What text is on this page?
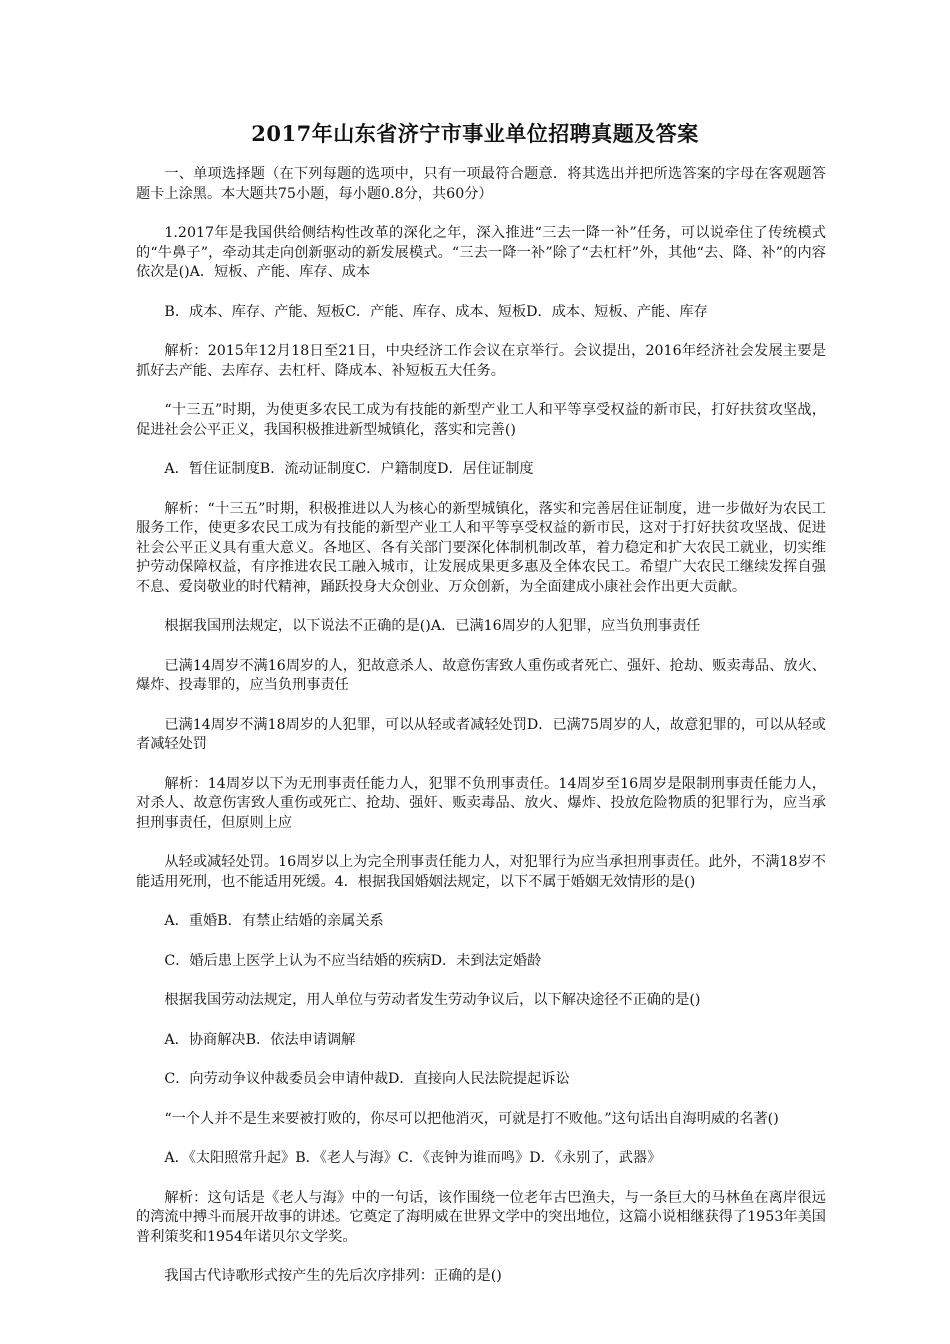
2017年山东省济宁市事业单位招聘真题及答案

一、单项选择题（在下列每题的选项中，只有一项最符合题意．将其选出并把所选答案的字母在客观题答题卡上涂黑。本大题共75小题，每小题0.8分，共60分）

1.2017年是我国供给侧结构性改革的深化之年，深入推进“三去一降一补”任务，可以说牵住了传统模式的“牛鼻子”，牵动其走向创新驱动的新发展模式。“三去一降一补”除了“去杠杆”外，其他“去、降、补”的内容依次是()A．短板、产能、库存、成本

B．成本、库存、产能、短板C．产能、库存、成本、短板D．成本、短板、产能、库存

解析：2015年12月18日至21日，中央经济工作会议在京举行。会议提出，2016年经济社会发展主要是抓好去产能、去库存、去杠杆、降成本、补短板五大任务。

“十三五”时期，为使更多农民工成为有技能的新型产业工人和平等享受权益的新市民，打好扶贫攻坚战，促进社会公平正义，我国积极推进新型城镇化，落实和完善()

A．暂住证制度B．流动证制度C．户籍制度D．居住证制度

解析：“十三五”时期，积极推进以人为核心的新型城镇化，落实和完善居住证制度，进一步做好为农民工服务工作，使更多农民工成为有技能的新型产业工人和平等享受权益的新市民，这对于打好扶贫攻坚战、促进社会公平正义具有重大意义。各地区、各有关部门要深化体制机制改革，着力稳定和扩大农民工就业，切实维护劳动保障权益，有序推进农民工融入城市，让发展成果更多惠及全体农民工。希望广大农民工继续发挥自强不息、爱岗敬业的时代精神，踊跃投身大众创业、万众创新，为全面建成小康社会作出更大贡献。

根据我国刑法规定，以下说法不正确的是()A．已满16周岁的人犯罪，应当负刑事责任

已满14周岁不满16周岁的人，犯故意杀人、故意伤害致人重伤或者死亡、强奸、抢劫、贩卖毒品、放火、爆炸、投毒罪的，应当负刑事责任

已满14周岁不满18周岁的人犯罪，可以从轻或者减轻处罚D．已满75周岁的人，故意犯罪的，可以从轻或者减轻处罚

解析：14周岁以下为无刑事责任能力人，犯罪不负刑事责任。14周岁至16周岁是限制刑事责任能力人，对杀人、故意伤害致人重伤或死亡、抢劫、强奸、贩卖毒品、放火、爆炸、投放危险物质的犯罪行为，应当承担刑事责任，但原则上应

从轻或减轻处罚。16周岁以上为完全刑事责任能力人，对犯罪行为应当承担刑事责任。此外，不满18岁不能适用死刑，也不能适用死缓。4．根据我国婚姻法规定，以下不属于婚姻无效情形的是()

A．重婚B．有禁止结婚的亲属关系

C．婚后患上医学上认为不应当结婚的疾病D．未到法定婚龄

根据我国劳动法规定，用人单位与劳动者发生劳动争议后，以下解决途径不正确的是()

A．协商解决B．依法申请调解

C．向劳动争议仲裁委员会申请仲裁D．直接向人民法院提起诉讼

“一个人并不是生来要被打败的，你尽可以把他消灭，可就是打不败他。”这句话出自海明威的名著()

A．《太阳照常升起》B．《老人与海》C．《丧钟为谁而鸣》D．《永别了，武器》

解析：这句话是《老人与海》中的一句话，该作围绕一位老年古巴渔夫，与一条巨大的马林鱼在离岸很远的湾流中搏斗而展开故事的讲述。它奠定了海明威在世界文学中的突出地位，这篇小说相继获得了1953年美国普利策奖和1954年诺贝尔文学奖。

我国古代诗歌形式按产生的先后次序排列：正确的是()
